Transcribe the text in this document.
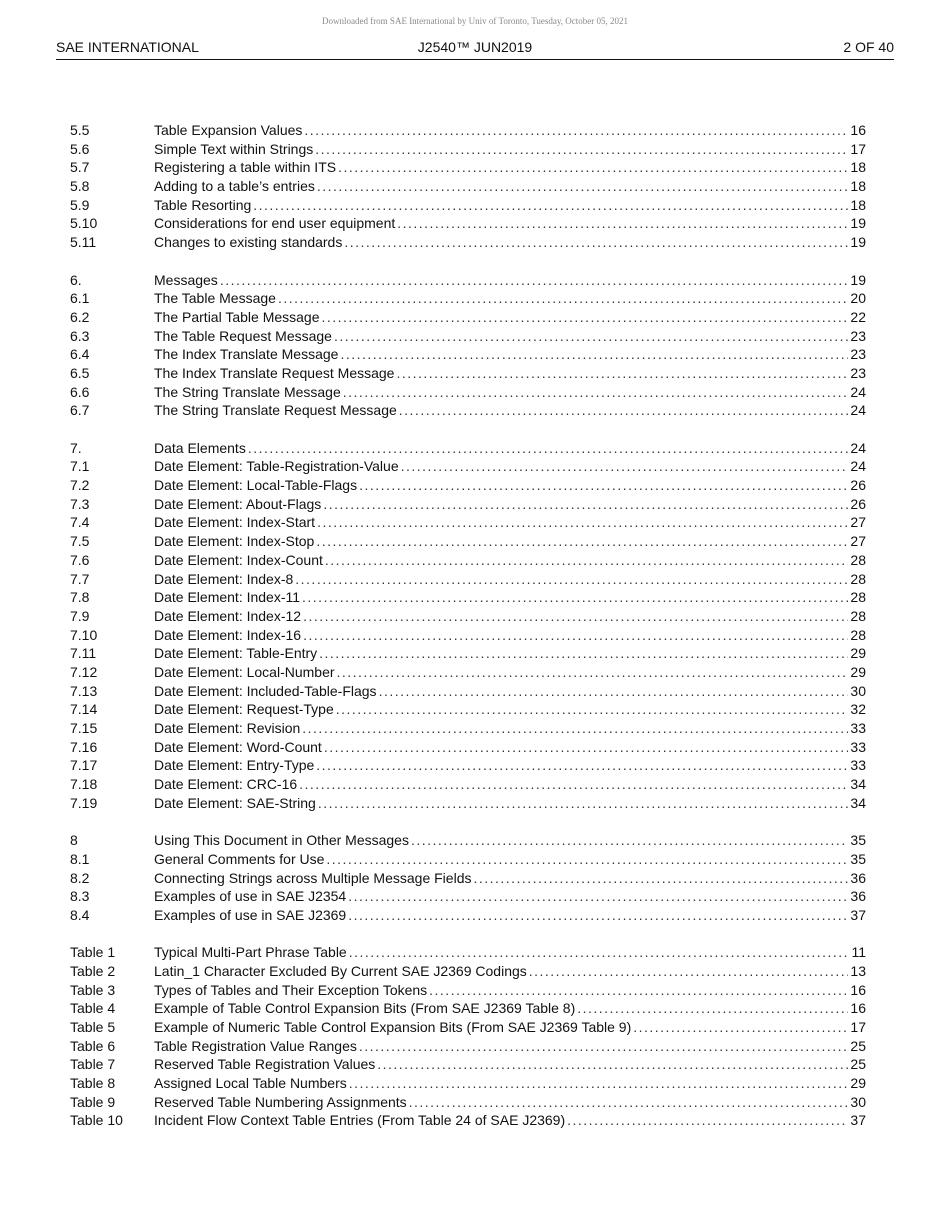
Downloaded from SAE International by Univ of Toronto, Tuesday, October 05, 2021
SAE INTERNATIONAL	J2540™ JUN2019	2 OF 40
5.5	Table Expansion Values . . .	16
5.6	Simple Text within Strings . . .	17
5.7	Registering a table within ITS . . .	18
5.8	Adding to a table’s entries . . .	18
5.9	Table Resorting . . .	18
5.10	Considerations for end user equipment . . .	19
5.11	Changes to existing standards . . .	19
6.	Messages . . .	19
6.1	The Table Message . . .	20
6.2	The Partial Table Message . . .	22
6.3	The Table Request Message . . .	23
6.4	The Index Translate Message . . .	23
6.5	The Index Translate Request Message . . .	23
6.6	The String Translate Message . . .	24
6.7	The String Translate Request Message . . .	24
7.	Data Elements . . .	24
7.1	Date Element: Table-Registration-Value . . .	24
7.2	Date Element: Local-Table-Flags . . .	26
7.3	Date Element: About-Flags . . .	26
7.4	Date Element: Index-Start . . .	27
7.5	Date Element: Index-Stop . . .	27
7.6	Date Element: Index-Count . . .	28
7.7	Date Element: Index-8 . . .	28
7.8	Date Element: Index-11 . . .	28
7.9	Date Element: Index-12 . . .	28
7.10	Date Element: Index-16 . . .	28
7.11	Date Element: Table-Entry . . .	29
7.12	Date Element: Local-Number . . .	29
7.13	Date Element: Included-Table-Flags . . .	30
7.14	Date Element: Request-Type . . .	32
7.15	Date Element: Revision . . .	33
7.16	Date Element: Word-Count . . .	33
7.17	Date Element: Entry-Type . . .	33
7.18	Date Element: CRC-16 . . .	34
7.19	Date Element: SAE-String . . .	34
8	Using This Document in Other Messages . . .	35
8.1	General Comments for Use . . .	35
8.2	Connecting Strings across Multiple Message Fields . . .	36
8.3	Examples of use in SAE J2354 . . .	36
8.4	Examples of use in SAE J2369 . . .	37
Table 1	Typical Multi-Part Phrase Table . . .	11
Table 2	Latin_1 Character Excluded By Current SAE J2369 Codings . . .	13
Table 3	Types of Tables and Their Exception Tokens . . .	16
Table 4	Example of Table Control Expansion Bits (From SAE J2369 Table 8) . . .	16
Table 5	Example of Numeric Table Control Expansion Bits (From SAE J2369 Table 9) . . .	17
Table 6	Table Registration Value Ranges . . .	25
Table 7	Reserved Table Registration Values . . .	25
Table 8	Assigned Local Table Numbers . . .	29
Table 9	Reserved Table Numbering Assignments . . .	30
Table 10	Incident Flow Context Table Entries (From Table 24 of SAE J2369) . . .	37
